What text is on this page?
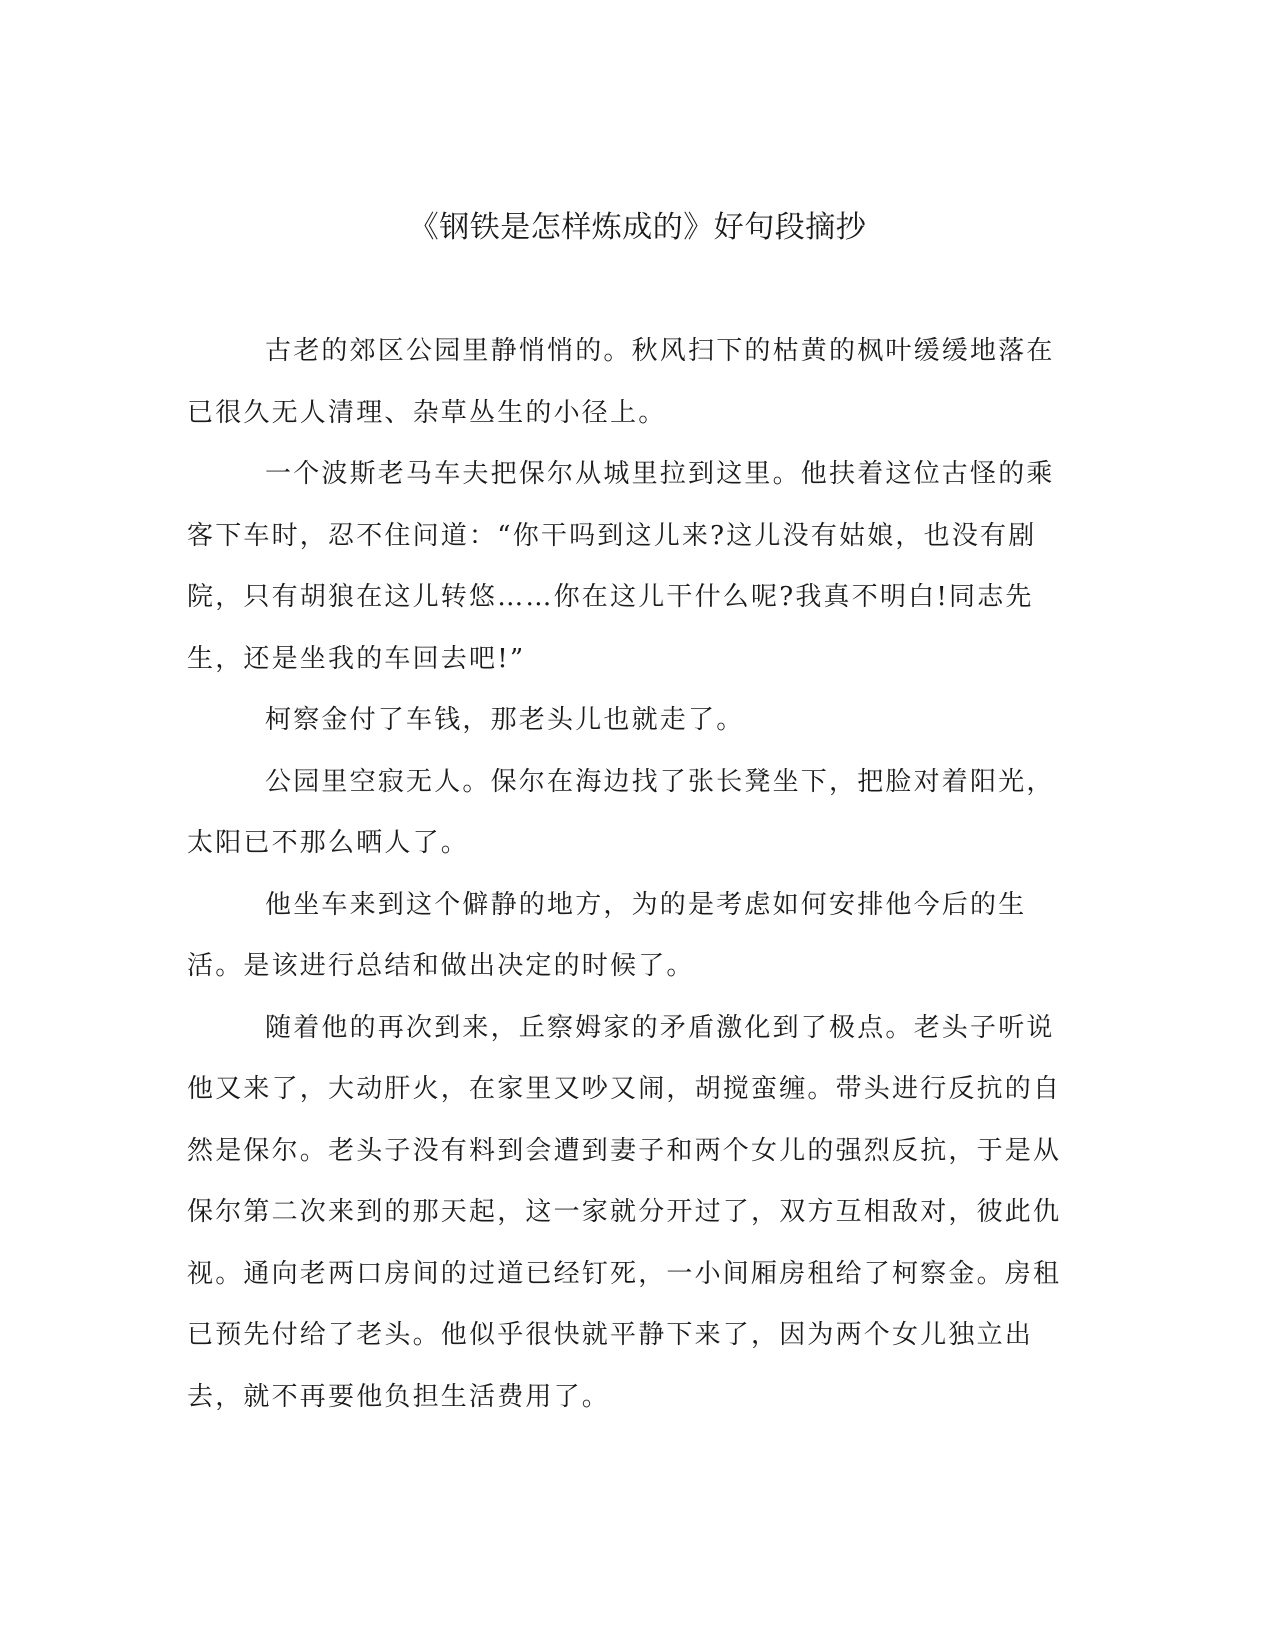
《钢铁是怎样炼成的》好句段摘抄

古老的郊区公园里静悄悄的。秋风扫下的枯黄的枫叶缓缓地落在已很久无人清理、杂草丛生的小径上。

一个波斯老马车夫把保尔从城里拉到这里。他扶着这位古怪的乘客下车时，忍不住问道：“你干吗到这儿来?这儿没有姑娘，也没有剧院，只有胡狼在这儿转悠……你在这儿干什么呢?我真不明白!同志先生，还是坐我的车回去吧!”

柯察金付了车钱，那老头儿也就走了。

公园里空寂无人。保尔在海边找了张长凳坐下，把脸对着阳光，太阳已不那么晒人了。

他坐车来到这个僻静的地方，为的是考虑如何安排他今后的生活。是该进行总结和做出决定的时候了。

随着他的再次到来，丘察姆家的矛盾激化到了极点。老头子听说他又来了，大动肝火，在家里又吵又闹，胡搅蛮缠。带头进行反抗的自然是保尔。老头子没有料到会遭到妻子和两个女儿的强烈反抗，于是从保尔第二次来到的那天起，这一家就分开过了，双方互相敌对，彼此仇视。通向老两口房间的过道已经钉死，一小间厢房租给了柯察金。房租已预先付给了老头。他似乎很快就平静下来了，因为两个女儿独立出去，就不再要他负担生活费用了。
